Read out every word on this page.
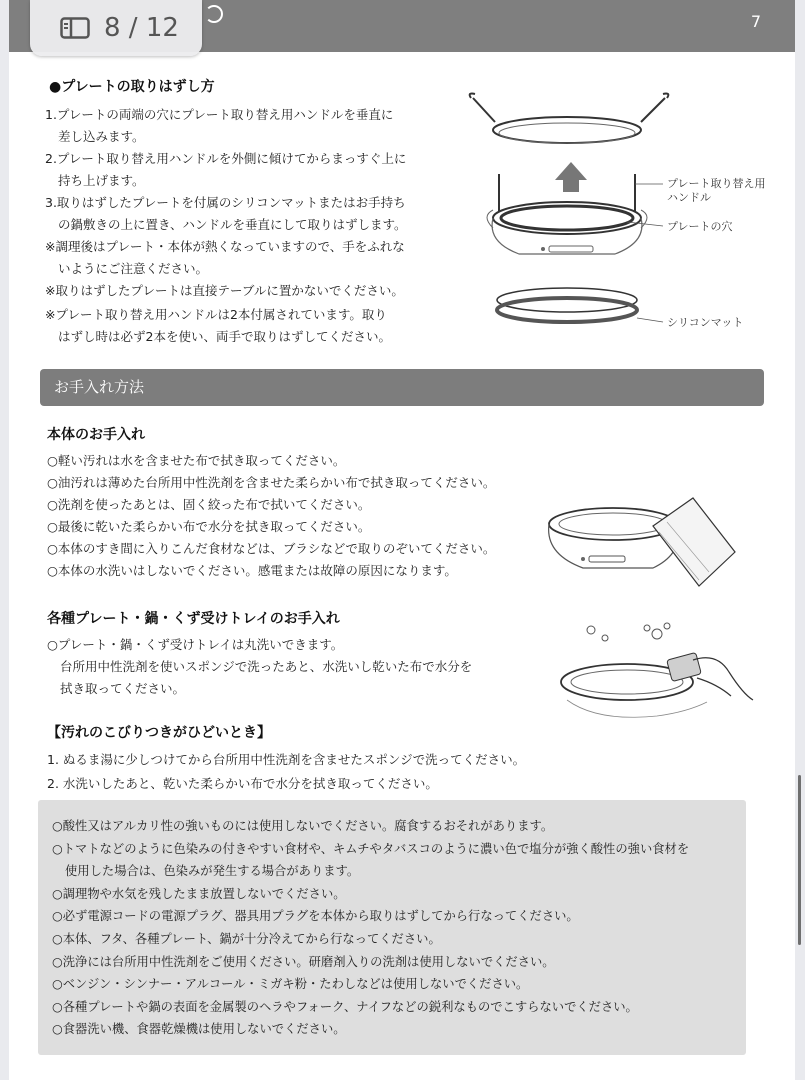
7
●プレートの取りはずし方
1.プレートの両端の穴にプレート取り替え用ハンドルを垂直に
差し込みます。
2.プレート取り替え用ハンドルを外側に傾けてからまっすぐ上に
持ち上げます。
3.取りはずしたプレートを付属のシリコンマットまたはお手持ち
の鍋敷きの上に置き、ハンドルを垂直にして取りはずします。
※調理後はプレート・本体が熱くなっていますので、手をふれな
いようにご注意ください。
※取りはずしたプレートは直接テーブルに置かないでください。
※プレート取り替え用ハンドルは2本付属されています。取り
はずし時は必ず2本を使い、両手で取りはずしてください。
プレート取り替え用
ハンドル
プレートの穴
シリコンマット
お手入れ方法
本体のお手入れ
○軽い汚れは水を含ませた布で拭き取ってください。
○油汚れは薄めた台所用中性洗剤を含ませた柔らかい布で拭き取ってください。
○洗剤を使ったあとは、固く絞った布で拭いてください。
○最後に乾いた柔らかい布で水分を拭き取ってください。
○本体のすき間に入りこんだ食材などは、ブラシなどで取りのぞいてください。
○本体の水洗いはしないでください。感電または故障の原因になります。
各種プレート・鍋・くず受けトレイのお手入れ
○プレート・鍋・くず受けトレイは丸洗いできます。
台所用中性洗剤を使いスポンジで洗ったあと、水洗いし乾いた布で水分を
拭き取ってください。
【汚れのこびりつきがひどいとき】
1. ぬるま湯に少しつけてから台所用中性洗剤を含ませたスポンジで洗ってください。
2. 水洗いしたあと、乾いた柔らかい布で水分を拭き取ってください。
○酸性又はアルカリ性の強いものには使用しないでください。腐食するおそれがあります。
○トマトなどのように色染みの付きやすい食材や、キムチやタバスコのように濃い色で塩分が強く酸性の強い食材を
使用した場合は、色染みが発生する場合があります。
○調理物や水気を残したまま放置しないでください。
○必ず電源コードの電源プラグ、器具用プラグを本体から取りはずしてから行なってください。
○本体、フタ、各種プレート、鍋が十分冷えてから行なってください。
○洗浄には台所用中性洗剤をご使用ください。研磨剤入りの洗剤は使用しないでください。
○ベンジン・シンナー・アルコール・ミガキ粉・たわしなどは使用しないでください。
○各種プレートや鍋の表面を金属製のヘラやフォーク、ナイフなどの鋭利なものでこすらないでください。
○食器洗い機、食器乾燥機は使用しないでください。
8 / 12
